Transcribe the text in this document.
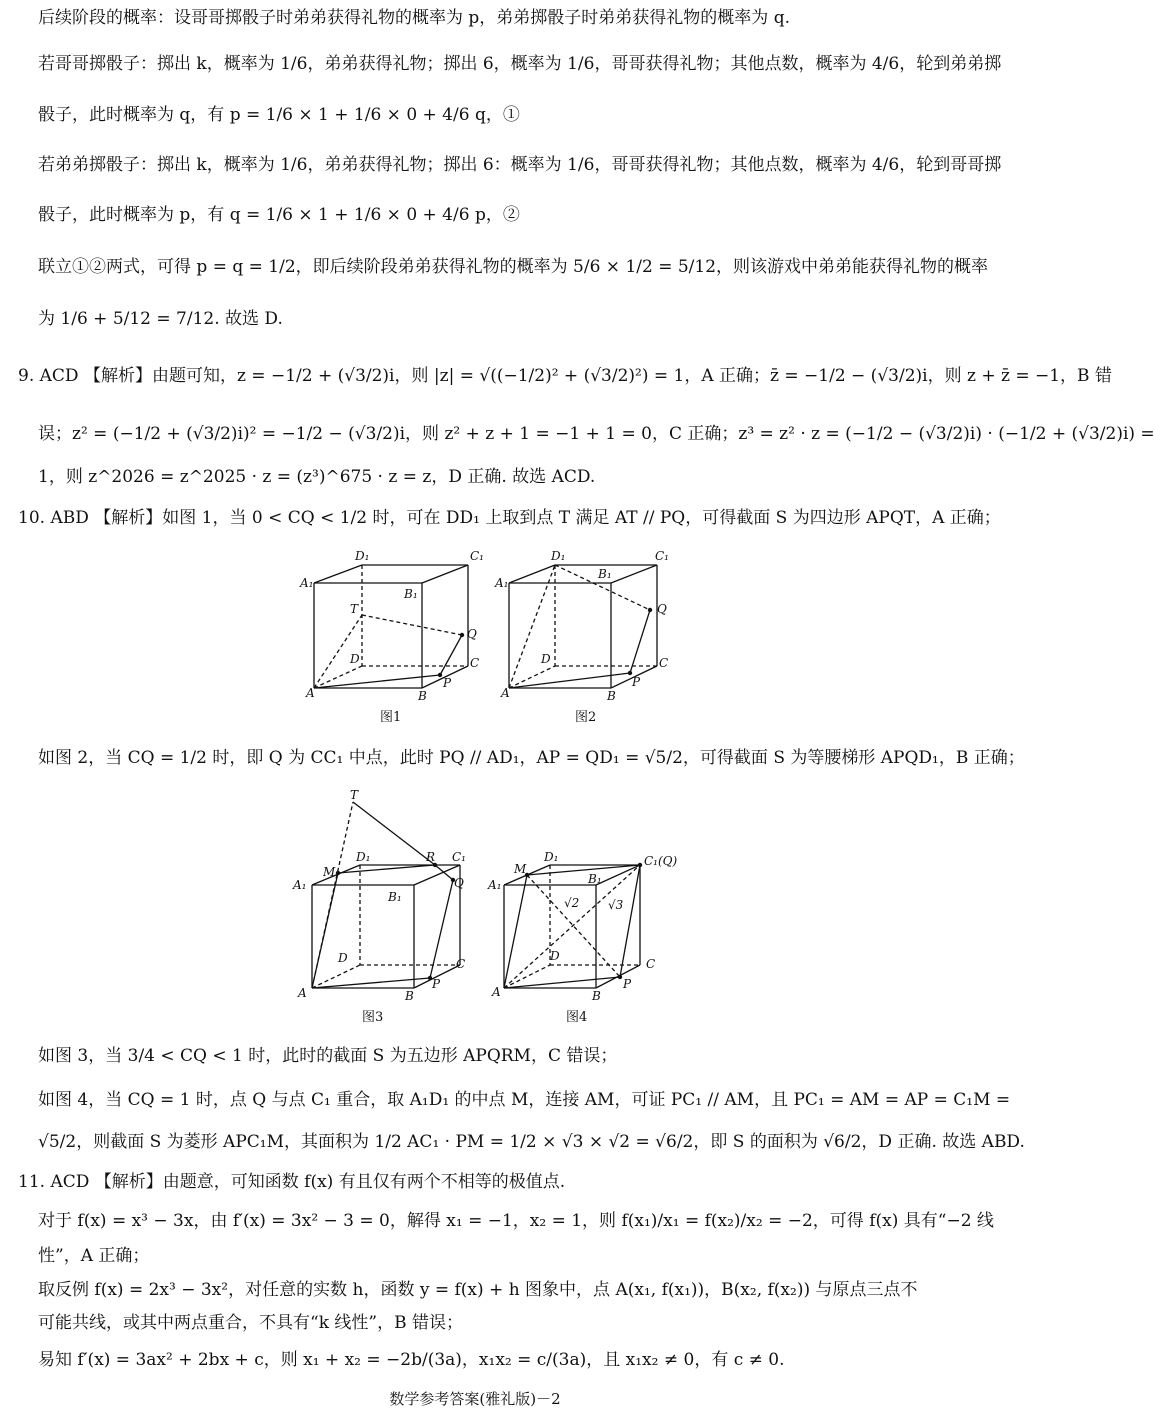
后续阶段的概率：设哥哥掷骰子时弟弟获得礼物的概率为 p，弟弟掷骰子时弟弟获得礼物的概率为 q.
若哥哥掷骰子：掷出 k，概率为 1/6，弟弟获得礼物；掷出 6，概率为 1/6，哥哥获得礼物；其他点数，概率为 4/6，轮到弟弟掷
骰子，此时概率为 q，有 p = 1/6 × 1 + 1/6 × 0 + 4/6 q，①
若弟弟掷骰子：掷出 k，概率为 1/6，弟弟获得礼物；掷出 6：概率为 1/6，哥哥获得礼物；其他点数，概率为 4/6，轮到哥哥掷
骰子，此时概率为 p，有 q = 1/6 × 1 + 1/6 × 0 + 4/6 p，②
联立①②两式，可得 p = q = 1/2，即后续阶段弟弟获得礼物的概率为 5/6 × 1/2 = 5/12，则该游戏中弟弟能获得礼物的概率
为 1/6 + 5/12 = 7/12. 故选 D.
9. ACD 【解析】由题可知，z = −1/2 + (√3/2)i，则 |z| = √((−1/2)² + (√3/2)²) = 1，A 正确；z̄ = −1/2 − (√3/2)i，则 z + z̄ = −1，B 错
误；z² = (−1/2 + (√3/2)i)² = −1/2 − (√3/2)i，则 z² + z + 1 = −1 + 1 = 0，C 正确；z³ = z² · z = (−1/2 − (√3/2)i) · (−1/2 + (√3/2)i) =
1，则 z^2026 = z^2025 · z = (z³)^675 · z = z，D 正确. 故选 ACD.
10. ABD 【解析】如图 1，当 0 < CQ < 1/2 时，可在 DD₁ 上取到点 T 满足 AT // PQ，可得截面 S 为四边形 APQT，A 正确；
如图 2，当 CQ = 1/2 时，即 Q 为 CC₁ 中点，此时 PQ // AD₁，AP = QD₁ = √5/2，可得截面 S 为等腰梯形 APQD₁，B 正确；
如图 3，当 3/4 < CQ < 1 时，此时的截面 S 为五边形 APQRM，C 错误；
如图 4，当 CQ = 1 时，点 Q 与点 C₁ 重合，取 A₁D₁ 的中点 M，连接 AM，可证 PC₁ // AM，且 PC₁ = AM = AP = C₁M =
√5/2，则截面 S 为菱形 APC₁M，其面积为 1/2 AC₁ · PM = 1/2 × √3 × √2 = √6/2，即 S 的面积为 √6/2，D 正确. 故选 ABD.
11. ACD 【解析】由题意，可知函数 f(x) 有且仅有两个不相等的极值点.
对于 f(x) = x³ − 3x，由 f′(x) = 3x² − 3 = 0，解得 x₁ = −1，x₂ = 1，则 f(x₁)/x₁ = f(x₂)/x₂ = −2，可得 f(x) 具有“−2 线
性”，A 正确；
取反例 f(x) = 2x³ − 3x²，对任意的实数 h，函数 y = f(x) + h 图象中，点 A(x₁, f(x₁))，B(x₂, f(x₂)) 与原点三点不
可能共线，或其中两点重合，不具有“k 线性”，B 错误；
易知 f′(x) = 3ax² + 2bx + c，则 x₁ + x₂ = −2b/(3a)，x₁x₂ = c/(3a)，且 x₁x₂ ≠ 0，有 c ≠ 0.
D₁	C₁
A₁
B₁
T
Q
D	C
A	B
P
图1
D₁	C₁
A₁
B₁
Q
D	C
A	B
P
图2
T
M
D₁	R C₁
A₁	Q
B₁
D	C
A	B
P
图3
M
D₁	C₁(Q)
A₁	B₁
√2 √3
D
C
A	B
P
图4
数学参考答案(雅礼版)－2
